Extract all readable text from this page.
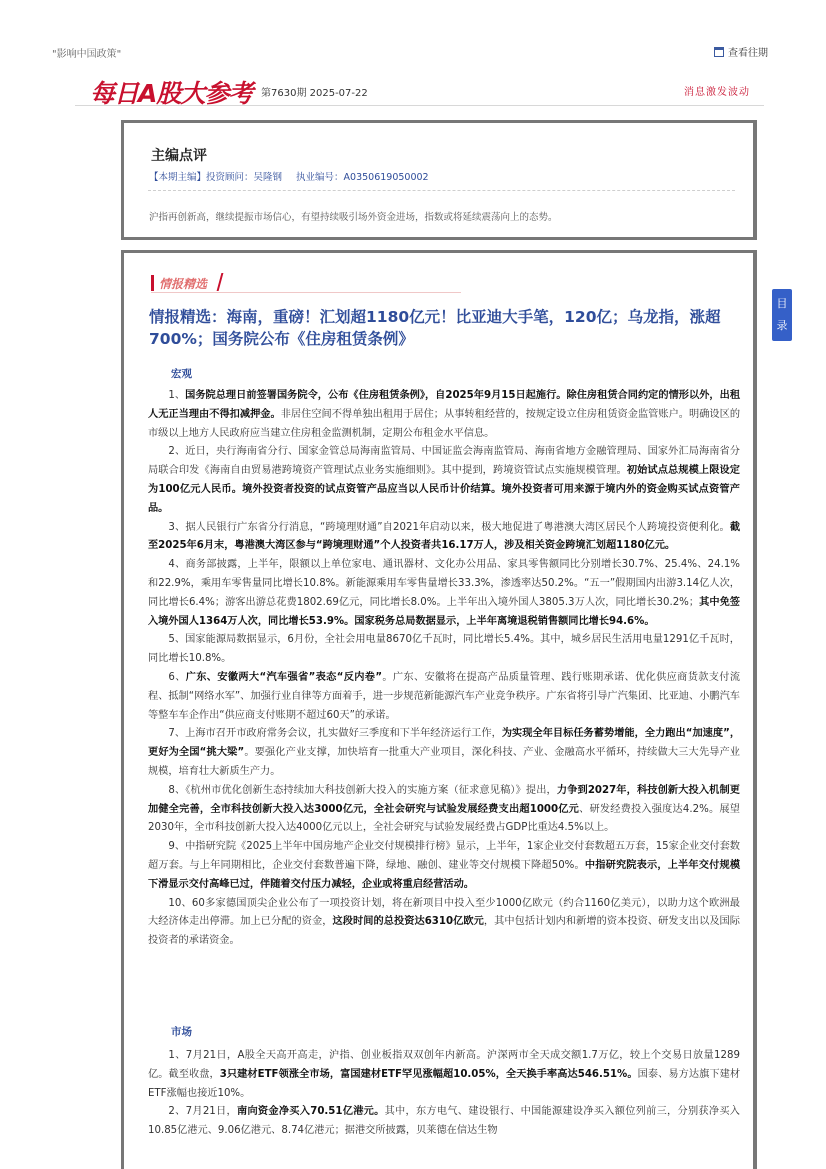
"影响中国政策"	查看往期
每日A股大参考 第7630期 2025-07-22	消息激发波动
主编点评
【本期主编】投资顾问：吴隆钢 执业编号：A0350619050002
沪指再创新高，继续提振市场信心，有望持续吸引场外资金进场，指数或将延续震荡向上的态势。
情报精选
情报精选：海南，重磅！汇划超1180亿元！比亚迪大手笔，120亿；乌龙指，涨超700%；国务院公布《住房租赁条例》
宏观

1、国务院总理日前签署国务院令，公布《住房租赁条例》，自2025年9月15日起施行。除住房租赁合同约定的情形以外，出租人无正当理由不得扣减押金。非居住空间不得单独出租用于居住；从事转租经营的，按规定设立住房租赁资金监管账户。明确设区的市级以上地方人民政府应当建立住房租金监测机制，定期公布租金水平信息。

2、近日，央行海南省分行、国家金管总局海南监管局、中国证监会海南监管局、海南省地方金融管理局、国家外汇局海南省分局联合印发《海南自由贸易港跨境资产管理试点业务实施细则》。其中提到，跨境资管试点实施规模管理。初始试点总规模上限设定为100亿元人民币。境外投资者投资的试点资管产品应当以人民币计价结算。境外投资者可用来源于境内外的资金购买试点资管产品。

3、据人民银行广东省分行消息，“跨境理财通”自2021年启动以来，极大地促进了粤港澳大湾区居民个人跨境投资便利化。截至2025年6月末，粤港澳大湾区参与“跨境理财通”个人投资者共16.17万人，涉及相关资金跨境汇划超1180亿元。

4、商务部披露，上半年，限额以上单位家电、通讯器材、文化办公用品、家具零售额同比分别增长30.7%、25.4%、24.1%和22.9%，乘用车零售量同比增长10.8%。新能源乘用车零售量增长33.3%，渗透率达50.2%。“五一”假期国内出游3.14亿人次，同比增长6.4%；游客出游总花费1802.69亿元，同比增长8.0%。上半年出入境外国人3805.3万人次，同比增长30.2%；其中免签入境外国人1364万人次，同比增长53.9%。国家税务总局数据显示，上半年离境退税销售额同比增长94.6%。

5、国家能源局数据显示，6月份，全社会用电量8670亿千瓦时，同比增长5.4%。其中，城乡居民生活用电量1291亿千瓦时，同比增长10.8%。

6、广东、安徽两大“汽车强省”表态“反内卷”。广东、安徽将在提高产品质量管理、践行账期承诺、优化供应商货款支付流程、抵制“网络水军”、加强行业自律等方面着手，进一步规范新能源汽车产业竞争秩序。广东省将引导广汽集团、比亚迪、小鹏汽车等整车车企作出“供应商支付账期不超过60天”的承诺。

7、上海市召开市政府常务会议，扎实做好三季度和下半年经济运行工作，为实现全年目标任务蓄势增能，全力跑出“加速度”，更好为全国“挑大梁”。要强化产业支撑，加快培育一批重大产业项目，深化科技、产业、金融高水平循环，持续做大三大先导产业规模，培育壮大新质生产力。

8、《杭州市优化创新生态持续加大科技创新大投入的实施方案（征求意见稿）》提出，力争到2027年，科技创新大投入机制更加健全完善，全市科技创新大投入达3000亿元，全社会研究与试验发展经费支出超1000亿元、研发经费投入强度达4.2%。展望2030年，全市科技创新大投入达4000亿元以上，全社会研究与试验发展经费占GDP比重达4.5%以上。

9、中指研究院《2025上半年中国房地产企业交付规模排行榜》显示，上半年，1家企业交付套数超五万套，15家企业交付套数超万套。与上年同期相比，企业交付套数普遍下降，绿地、融创、建业等交付规模下降超50%。中指研究院表示，上半年交付规模下滑显示交付高峰已过，伴随着交付压力减轻，企业或将重启经营活动。

10、60多家德国顶尖企业公布了一项投资计划，将在新项目中投入至少1000亿欧元（约合1160亿美元），以助力这个欧洲最大经济体走出停滞。加上已分配的资金，这段时间的总投资达6310亿欧元，其中包括计划内和新增的资本投资、研发支出以及国际投资者的承诺资金。

市场

1、7月21日，A股全天高开高走，沪指、创业板指双双创年内新高。沪深两市全天成交额1.7万亿，较上个交易日放量1289亿。截至收盘，3只建材ETF领涨全市场，富国建材ETF罕见涨幅超10.05%，全天换手率高达546.51%。国泰、易方达旗下建材ETF涨幅也接近10%。

2、7月21日，南向资金净买入70.51亿港元。其中，东方电气、建设银行、中国能源建设净买入额位列前三，分别获净买入10.85亿港元、9.06亿港元、8.74亿港元；据港交所披露，贝莱德在信达生物

目
录
